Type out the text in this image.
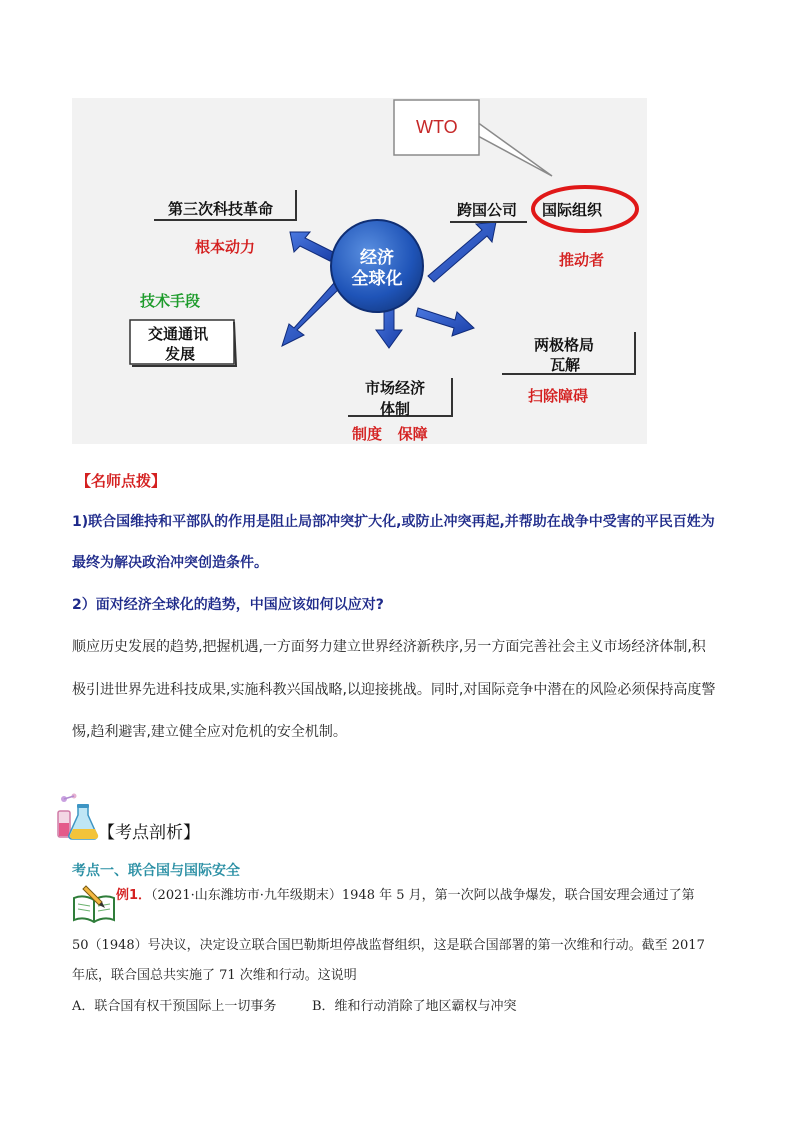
WTO
经济
全球化
第三次科技革命
根本动力
跨国公司 国际组织
推动者
技术手段
交通通讯
发展	两极格局
瓦解
扫除障碍
市场经济
体制
制度   保障
【名师点拨】
1)联合国维持和平部队的作用是阻止局部冲突扩大化,或防止冲突再起,并帮助在战争中受害的平民百姓为
最终为解决政治冲突创造条件。
2）面对经济全球化的趋势，中国应该如何以应对?
顺应历史发展的趋势,把握机遇,一方面努力建立世界经济新秩序,另一方面完善社会主义市场经济体制,积
极引进世界先进科技成果,实施科教兴国战略,以迎接挑战。同时,对国际竞争中潜在的风险必须保持高度警
惕,趋利避害,建立健全应对危机的安全机制。
【考点剖析】
考点一、联合国与国际安全
例1．（2021·山东潍坊市·九年级期末）1948 年 5 月，第一次阿以战争爆发，联合国安理会通过了第
50（1948）号决议，决定设立联合国巴勒斯坦停战监督组织，这是联合国部署的第一次维和行动。截至 2017
年底，联合国总共实施了 71 次维和行动。这说明
A．联合国有权干预国际上一切事务	B．维和行动消除了地区霸权与冲突
